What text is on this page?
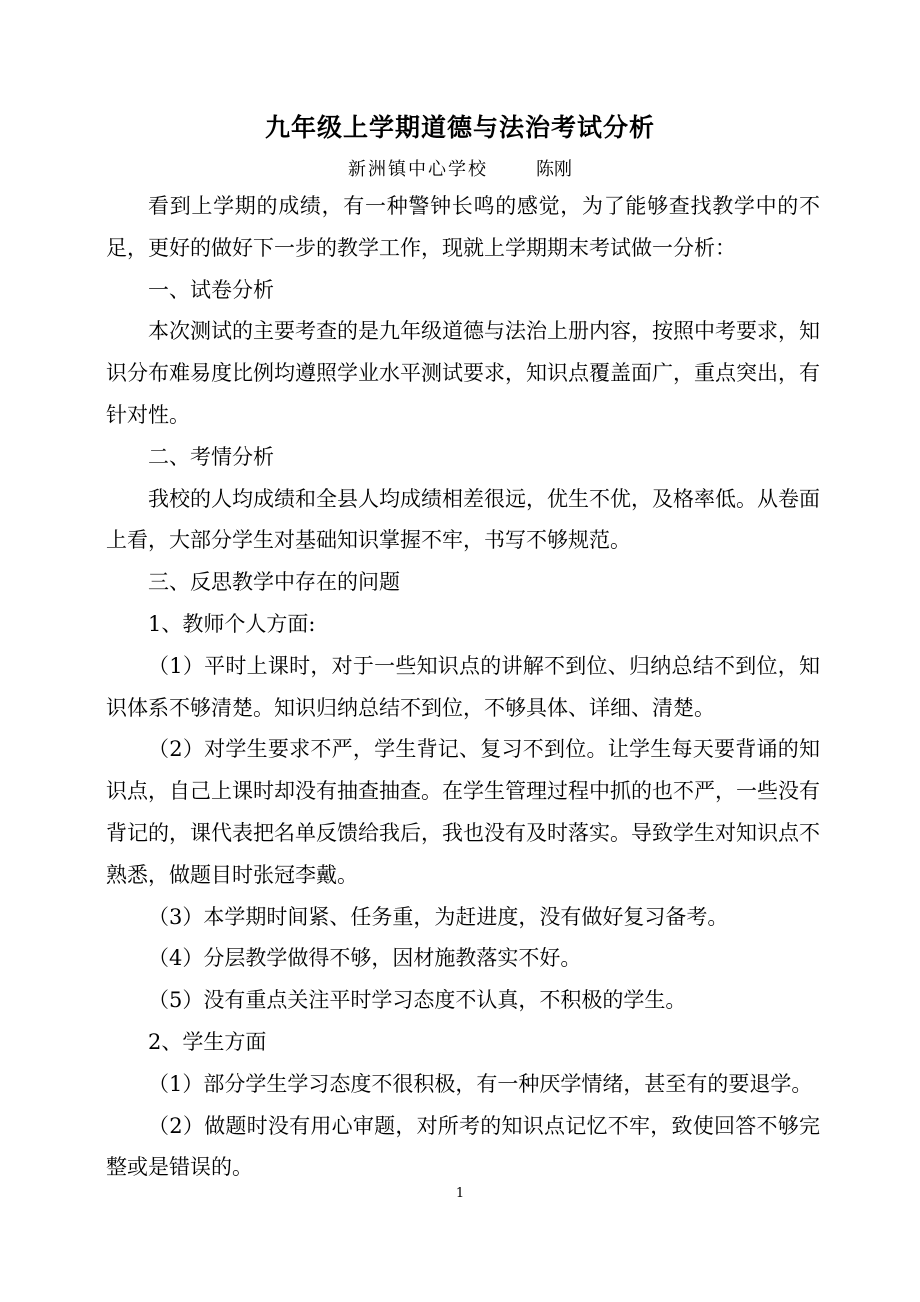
九年级上学期道德与法治考试分析
新洲镇中心学校	陈刚

看到上学期的成绩，有一种警钟长鸣的感觉，为了能够查找教学中的不足，更好的做好下一步的教学工作，现就上学期期末考试做一分析：

一、试卷分析

本次测试的主要考查的是九年级道德与法治上册内容，按照中考要求，知识分布难易度比例均遵照学业水平测试要求，知识点覆盖面广，重点突出，有针对性。

二、考情分析

我校的人均成绩和全县人均成绩相差很远，优生不优，及格率低。从卷面上看，大部分学生对基础知识掌握不牢，书写不够规范。

三、反思教学中存在的问题

1、教师个人方面:

（1）平时上课时，对于一些知识点的讲解不到位、归纳总结不到位，知识体系不够清楚。知识归纳总结不到位，不够具体、详细、清楚。

（2）对学生要求不严，学生背记、复习不到位。让学生每天要背诵的知识点，自己上课时却没有抽查抽查。在学生管理过程中抓的也不严，一些没有背记的，课代表把名单反馈给我后，我也没有及时落实。导致学生对知识点不熟悉，做题目时张冠李戴。

（3）本学期时间紧、任务重，为赶进度，没有做好复习备考。

（4）分层教学做得不够，因材施教落实不好。

（5）没有重点关注平时学习态度不认真，不积极的学生。

2、学生方面

（1）部分学生学习态度不很积极，有一种厌学情绪，甚至有的要退学。

（2）做题时没有用心审题，对所考的知识点记忆不牢，致使回答不够完整或是错误的。

1
